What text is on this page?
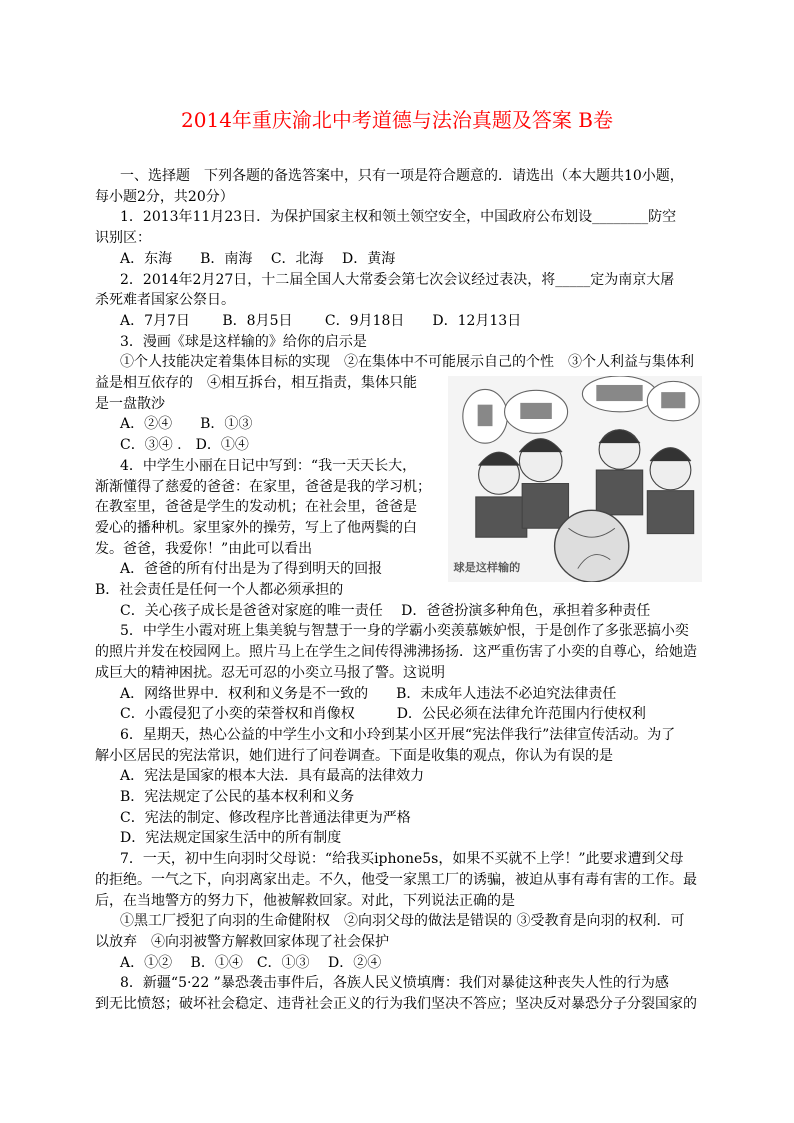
2014年重庆渝北中考道德与法治真题及答案 B卷
一、选择题　下列各题的备选答案中，只有一项是符合题意的．请选出（本大题共10小题，
每小题2分，共20分）
1．2013年11月23日．为保护国家主权和领土领空安全，中国政府公布划设________防空
识别区：
A．东海　　B．南海　 C．北海　 D．黄海
2．2014年2月27日，十二届全国人大常委会第七次会议经过表决，将_____定为南京大屠
杀死难者国家公祭日。
A．7月7日　　 B．8月5日　　 C．9月18日　　D．12月13日
3．漫画《球是这样输的》给你的启示是
①个人技能决定着集体目标的实现　②在集体中不可能展示自己的个性　③个人利益与集体利
益是相互依存的　④相互拆台，相互指责，集体只能
是一盘散沙
A．②④　　B．①③
C．③④ .　D．①④
4．中学生小丽在日记中写到：“我一天天长大，
渐渐懂得了慈爱的爸爸：在家里，爸爸是我的学习机；
在教室里，爸爸是学生的发动机；在社会里，爸爸是
爱心的播种机。家里家外的操劳，写上了他两鬓的白
发。爸爸，我爱你！”由此可以看出
A．爸爸的所有付出是为了得到明天的回报
B．社会责任是任何一个人都必须承担的
C．关心孩子成长是爸爸对家庭的唯一责任　 D．爸爸扮演多种角色，承担着多种责任
5．中学生小霞对班上集美貌与智慧于一身的学霸小奕羡慕嫉妒恨，于是创作了多张恶搞小奕
的照片并发在校园网上。照片马上在学生之间传得沸沸扬扬．这严重伤害了小奕的自尊心，给她造
成巨大的精神困扰。忍无可忍的小奕立马报了警。这说明
A．网络世界中．权利和义务是不一致的　　B．未成年人违法不必迫究法律责任
C．小霞侵犯了小奕的荣誉权和肖像权　　　D．公民必须在法律允许范围内行使权利
6．星期天，热心公益的中学生小文和小玲到某小区开展“宪法伴我行”法律宣传活动。为了
解小区居民的宪法常识，她们进行了问卷调查。下面是收集的观点，你认为有误的是
A．宪法是国家的根本大法．具有最高的法律效力
B．宪法规定了公民的基本权利和义务
C．宪法的制定、修改程序比普通法律更为严格
D．宪法规定国家生活中的所有制度
7．一天，初中生向羽时父母说：“给我买iphone5s，如果不买就不上学！”此要求遭到父母
的拒绝。一气之下，向羽离家出走。不久，他受一家黑工厂的诱骗，被迫从事有毒有害的工作。最
后，在当地警方的努力下，他被解救回家。对此，下列说法正确的是
①黑工厂授犯了向羽的生命健附权　②向羽父母的做法是错误的 ③受教育是向羽的权利．可
以放弃　④向羽被警方解救回家体现了社会保护
A．①②　 B．①④　C．①③　 D．②④
8．新疆“5·22 ”暴恐袭击事件后，各族人民义愤填膺：我们对暴徒这种丧失人性的行为感
到无比愤怒；破坏社会稳定、违背社会正义的行为我们坚决不答应；坚决反对暴恐分子分裂国家的
球是这样输的
